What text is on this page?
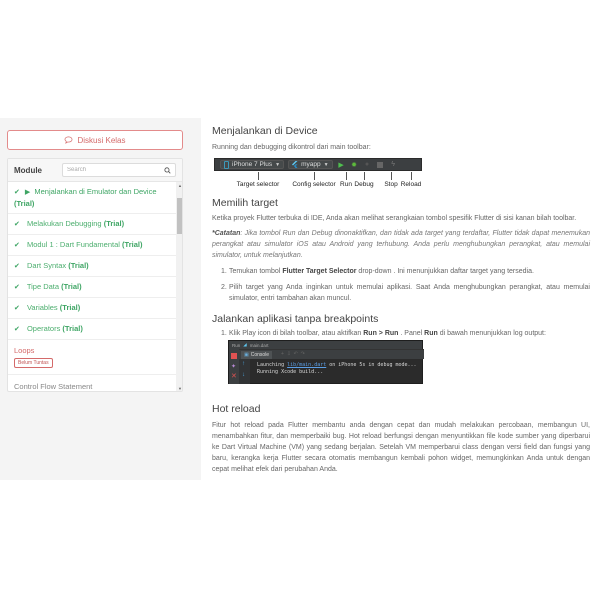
Diskusi Kelas
Module
Search
✔ ▶ Menjalankan di Emulator dan Device (Trial)
✔ Melakukan Debugging (Trial)
✔ Modul 1 : Dart Fundamental (Trial)
✔ Dart Syntax (Trial)
✔ Tipe Data (Trial)
✔ Variables (Trial)
✔ Operators (Trial)
Loops
Belum Tuntas
Control Flow Statement
▲
▼
Menjalankan di Device

Running dan debugging dikontrol dari main toolbar:

iPhone 7 Plus ▼	myapp ▼ ▶ ✹	●	ϟ
Target selector Config selector Run Debug Stop Reload
Memilih target

Ketika proyek Flutter terbuka di IDE, Anda akan melihat serangkaian tombol spesifik Flutter di sisi kanan bilah toolbar.

*Catatan: Jika tombol Run dan Debug dinonaktifkan, dan tidak ada target yang terdaftar, Flutter tidak dapat menemukan perangkat atau simulator iOS atau Android yang terhubung. Anda perlu menghubungkan perangkat, atau memulai simulator, untuk melanjutkan.

1. Temukan tombol Flutter Target Selector drop-down . Ini menunjukkan daftar target yang tersedia.
2. Pilih target yang Anda inginkan untuk memulai aplikasi. Saat Anda menghubungkan perangkat, atau memulai simulator, entri tambahan akan muncul.
Jalankan aplikasi tanpa breakpoints
1. Klik Play icon di bilah toolbar, atau aktifkan Run > Run . Panel Run di bawah menunjukkan log output:
Run ◢ main.dart
▣ Console +  ⇩  ↶  ↷
✦
✕
↑
↓
Launching lib/main.dart on iPhone 5s in debug mode...
Running Xcode build...
Hot reload

Fitur hot reload pada Flutter membantu anda dengan cepat dan mudah melakukan percobaan, membangun UI, menambahkan fitur, dan memperbaiki bug. Hot reload berfungsi dengan menyuntikkan file kode sumber yang diperbarui ke Dart Virtual Machine (VM) yang sedang berjalan. Setelah VM memperbarui class dengan versi field dan fungsi yang baru, kerangka kerja Flutter secara otomatis membangun kembali pohon widget, memungkinkan Anda untuk dengan cepat melihat efek dari perubahan Anda.
